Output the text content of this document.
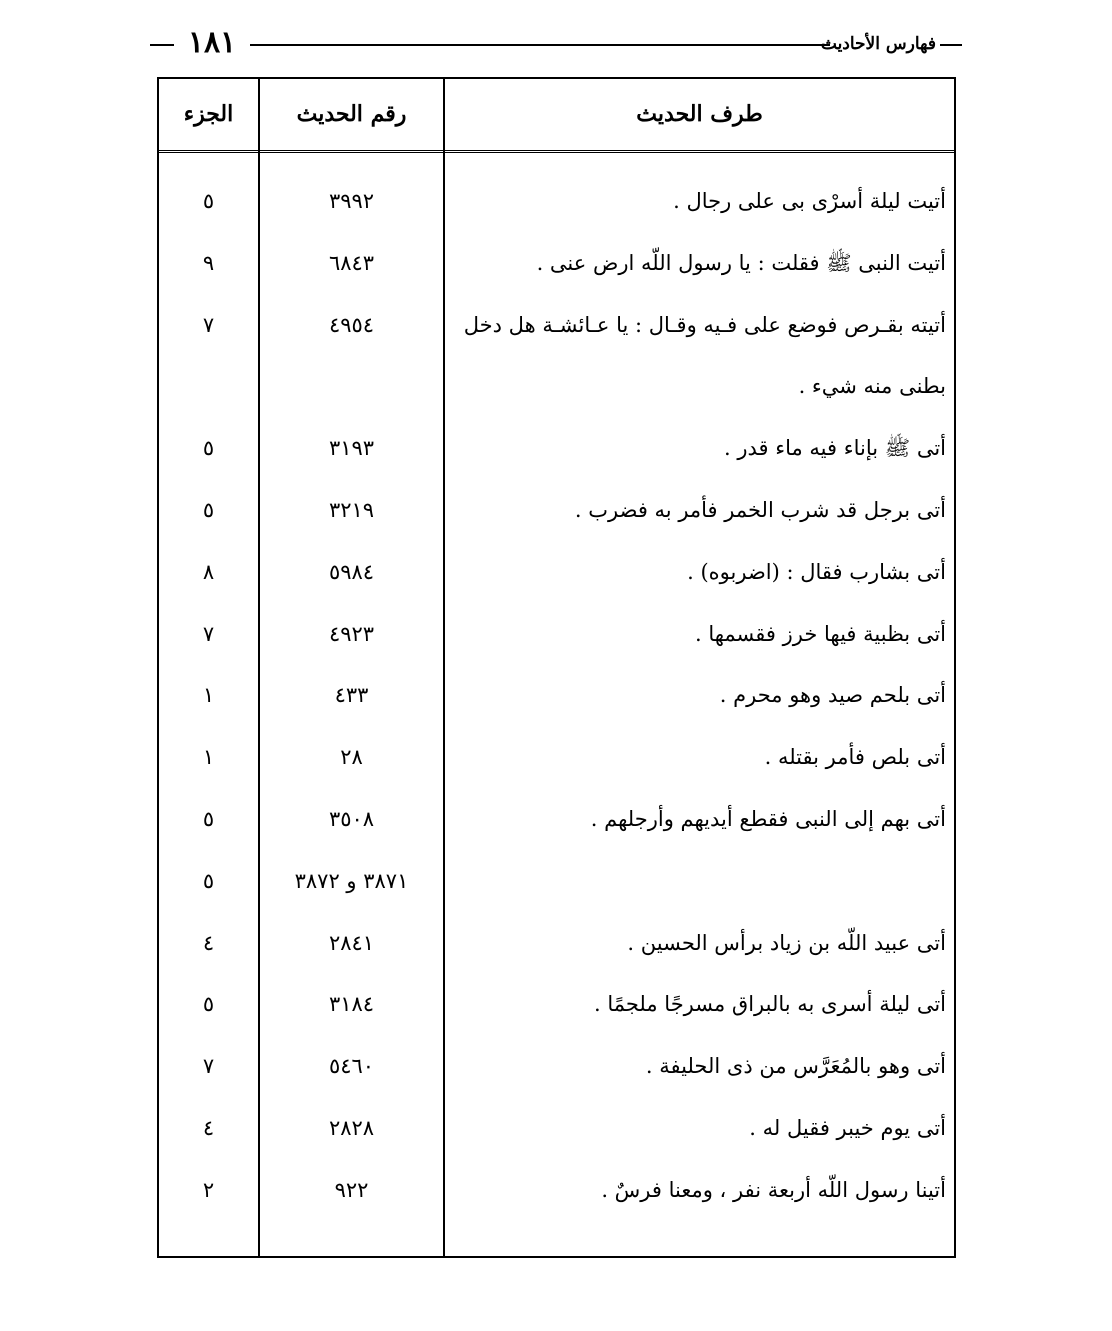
١٨١	فهارس الأحاديث
الجزء	رقم الحديث	طرف الحديث
٥	٣٩٩٢	أتيت ليلة أسرْى بى على رجال .
٩	٦٨٤٣	أتيت النبى ﷺ فقلت : يا رسول اللّه ارض عنى .
٧	٤٩٥٤	أتيته بقـرص فوضع على فـيه وقـال : يا عـائشـة هل دخل
بطنى منه شيء .
٥	٣١٩٣	أتى ﷺ بإناء فيه ماء قدر .
٥	٣٢١٩	أتى برجل قد شرب الخمر فأمر به فضرب .
٨	٥٩٨٤	أتى بشارب فقال : (اضربوه) .
٧	٤٩٢٣	أتى بظبية فيها خرز فقسمها .
١	٤٣٣	أتى بلحم صيد وهو محرم .
١	٢٨	أتى بلص فأمر بقتله .
٥	٣٥٠٨	أتى بهم إلى النبى فقطع أيديهم وأرجلهم .
٥	٣٨٧١ و ٣٨٧٢
٤	٢٨٤١	أتى عبيد اللّه بن زياد برأس الحسين .
٥	٣١٨٤	أتى ليلة أسرى به بالبراق مسرجًا ملجمًا .
٧	٥٤٦٠	أتى وهو بالمُعَرَّس من ذى الحليفة .
٤	٢٨٢٨	أتى يوم خيبر فقيل له .
٢	٩٢٢	أتينا رسول اللّه أربعة نفر ، ومعنا فرسٌ .
